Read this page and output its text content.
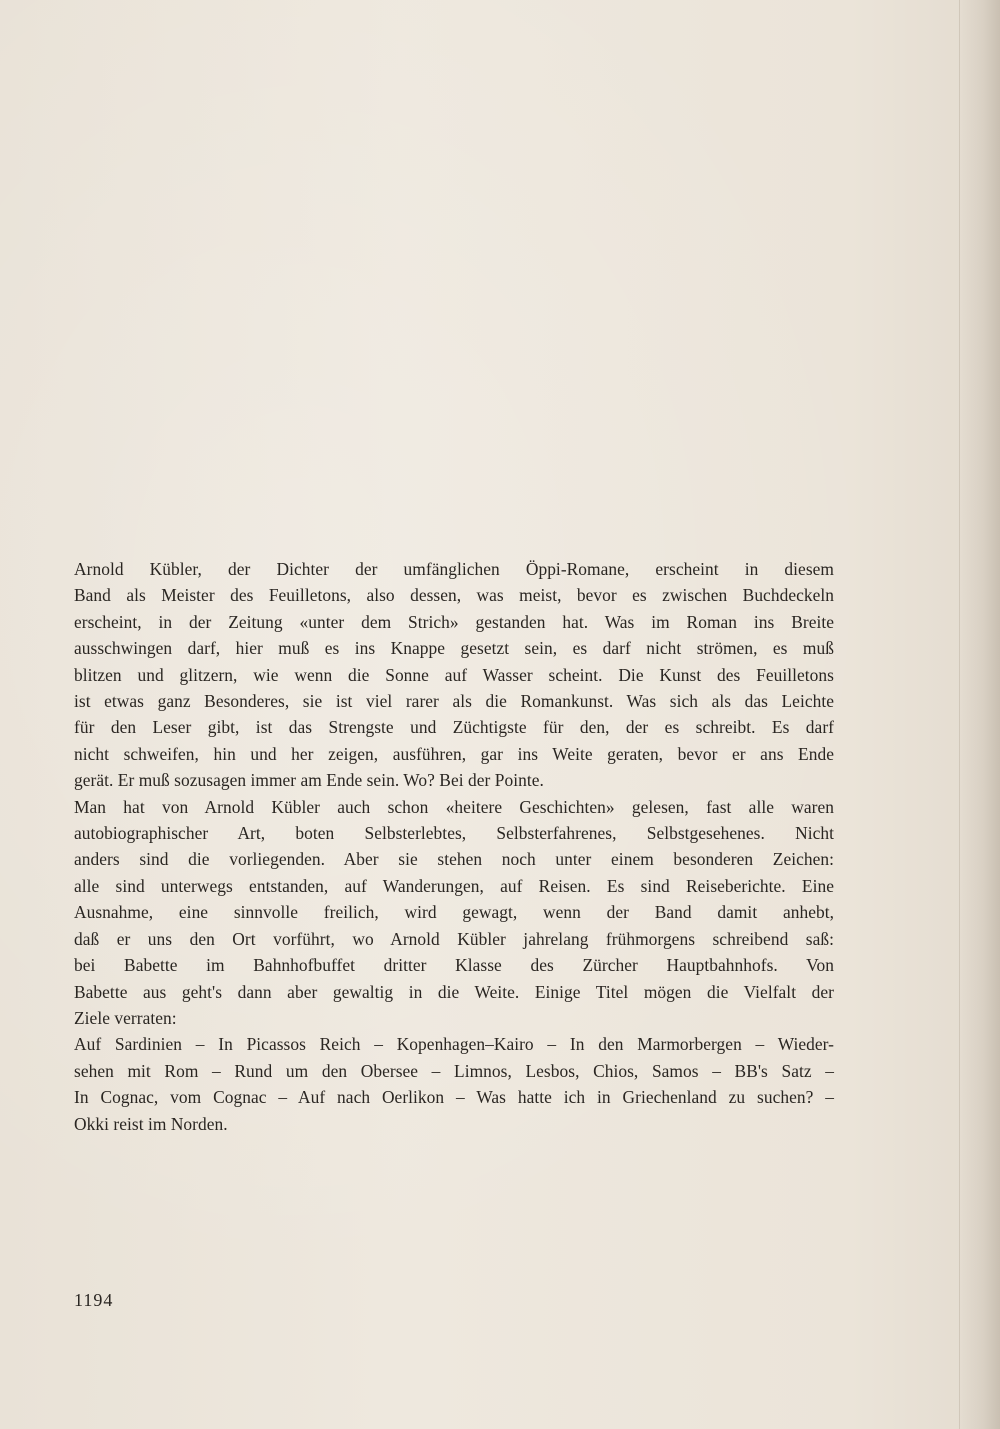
Arnold Kübler, der Dichter der umfänglichen Öppi-Romane, erscheint in diesem
Band als Meister des Feuilletons, also dessen, was meist, bevor es zwischen Buchdeckeln
erscheint, in der Zeitung «unter dem Strich» gestanden hat. Was im Roman ins Breite
ausschwingen darf, hier muß es ins Knappe gesetzt sein, es darf nicht strömen, es muß
blitzen und glitzern, wie wenn die Sonne auf Wasser scheint. Die Kunst des Feuilletons
ist etwas ganz Besonderes, sie ist viel rarer als die Romankunst. Was sich als das Leichte
für den Leser gibt, ist das Strengste und Züchtigste für den, der es schreibt. Es darf
nicht schweifen, hin und her zeigen, ausführen, gar ins Weite geraten, bevor er ans Ende
gerät. Er muß sozusagen immer am Ende sein. Wo? Bei der Pointe.
Man hat von Arnold Kübler auch schon «heitere Geschichten» gelesen, fast alle waren
autobiographischer Art, boten Selbsterlebtes, Selbsterfahrenes, Selbstgesehenes. Nicht
anders sind die vorliegenden. Aber sie stehen noch unter einem besonderen Zeichen:
alle sind unterwegs entstanden, auf Wanderungen, auf Reisen. Es sind Reiseberichte. Eine
Ausnahme, eine sinnvolle freilich, wird gewagt, wenn der Band damit anhebt,
daß er uns den Ort vorführt, wo Arnold Kübler jahrelang frühmorgens schreibend saß:
bei Babette im Bahnhofbuffet dritter Klasse des Zürcher Hauptbahnhofs. Von
Babette aus geht's dann aber gewaltig in die Weite. Einige Titel mögen die Vielfalt der
Ziele verraten:
Auf Sardinien – In Picassos Reich – Kopenhagen–Kairo – In den Marmorbergen – Wieder-
sehen mit Rom – Rund um den Obersee – Limnos, Lesbos, Chios, Samos – BB's Satz –
In Cognac, vom Cognac – Auf nach Oerlikon – Was hatte ich in Griechenland zu suchen? –
Okki reist im Norden.
1194
